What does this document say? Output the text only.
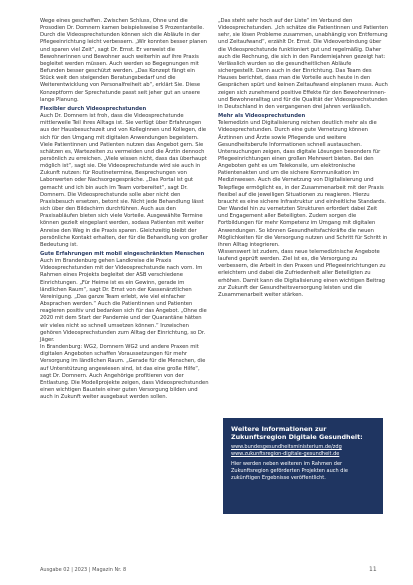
Wege eines geschaffen. Zwischen Schluss, Ohne und die Prosodien Dr. Domnern kamen beispielsweise 5 Prozentanteile. Durch die Videosprechstunden können sich die Abläufe in der Pflegeeinrichtung leicht verbessern. „Wir konnten besser planen und sparen viel Zeit“, sagt Dr. Ernst. Er verweist die Bewohnerinnen und Bewohner auch weiterhin auf ihre Praxis begleitet werden müssen. Auch werden so Begegnungen mit Befunden besser geschützt werden. „Das Konzept fängt ein Stück weit den steigenden Beratungsbedarf und die Weiterentwicklung von Personalfreiheit ab“, erklärt Sie. Diese Konzeptform der Sprechstunde passt seit jeher gut an unsere lange Planung.

Flexibler durch Videosprechstunden

Auch Dr. Domnern ist froh, dass die Videosprechstunde mittlerweile Teil ihres Alltags ist. Sie verfügt über Erfahrungen aus der Hausbesuchszeit und von Kolleginnen und Kollegen, die sich für den Umgang mit digitalen Anwendungen begeistern. Viele Patientinnen und Patienten nutzen das Angebot gern. Sie schätzen es, Wartezeiten zu vermeiden und die Ärztin dennoch persönlich zu erreichen. „Viele wissen nicht, dass das überhaupt möglich ist“, sagt sie. Die Videosprechstunde wird sie auch in Zukunft nutzen: für Routinetermine, Besprechungen von Laborwerten oder Nachsorgegespräche. „Das Portal ist gut gemacht und ich bin auch im Team vorbereitet“, sagt Dr. Domnern. Die Videosprechstunde solle aber nicht den Praxisbesuch ersetzen, betont sie. Nicht jede Behandlung lässt sich über den Bildschirm durchführen. Auch aus den Praxisabläufen bieten sich viele Vorteile. Ausgewählte Termine können gezielt eingeplant werden, sodass Patienten mit weiter Anreise den Weg in die Praxis sparen. Gleichzeitig bleibt der persönliche Kontakt erhalten, der für die Behandlung von großer Bedeutung ist.

Gute Erfahrungen mit mobil eingeschränkten Menschen

Auch im Brandenburg gehen Landkreise die Praxis Videosprechstunden mit der Videosprechstunde nach vorn. Im Rahmen eines Projekts begleitet der ASB verschiedene Einrichtungen. „Für Heime ist es ein Gewinn, gerade im ländlichen Raum“, sagt Dr. Ernst von der Kassenärztlichen Vereinigung. „Das ganze Team erlebt, wie viel einfacher Absprachen werden.“ Auch die Patientinnen und Patienten reagieren positiv und bedanken sich für das Angebot. „Ohne die 2020 mit dem Start der Pandemie und der Quarantäne hätten wir vieles nicht so schnell umsetzen können.“ Inzwischen gehören Videosprechstunden zum Alltag der Einrichtung, so Dr. Jäger.

In Brandenburg: WG2, Domnern WG2 und andere Praxen mit digitalen Angeboten schaffen Voraussetzungen für mehr Versorgung im ländlichen Raum. „Gerade für die Menschen, die auf Unterstützung angewiesen sind, ist das eine große Hilfe“, sagt Dr. Domnern. Auch Angehörige profitieren von der Entlastung. Die Modellprojekte zeigen, dass Videosprechstunden einen wichtigen Baustein einer guten Versorgung bilden und auch in Zukunft weiter ausgebaut werden sollen.

„Das steht sehr hoch auf der Liste“ im Verbund den Videosprechstunden. „Ich schätze die Patientinnen und Patienten sehr, sie lösen Probleme zusammen, unabhängig von Entfernung und Zeitaufwand“, erzählt Dr. Ernst. Die Videoverbindung über die Videosprechstunde funktioniert gut und regelmäßig. Daher auch die Rechnung, die sich in den Pandemiejahren gezeigt hat: Verlässlich wurden so die gesundheitlichen Abläufe sichergestellt. Dann auch in der Einrichtung. Das Team des Hauses berichtet, dass man die Vorteile auch heute in den Gesprächen spürt und keinen Zeitaufwand einplanen muss. Auch zeigen sich zunehmend positive Effekte für den Bewohnerinnen- und Bewohneralltag und für die Qualität der Videosprechstunden in Deutschland in den vergangenen drei Jahren verlässlich.

Mehr als Videosprechstunden

Telemedizin und Digitalisierung reichen deutlich mehr als die Videosprechstunden. Durch eine gute Vernetzung können Ärztinnen und Ärzte sowie Pflegende und weitere Gesundheitsberufe Informationen schnell austauschen. Untersuchungen zeigen, dass digitale Lösungen besonders für Pflegeeinrichtungen einen großen Mehrwert bieten. Bei den Angeboten geht es um Telekonsile, um elektronische Patientenakten und um die sichere Kommunikation im Medizinwesen. Auch die Vernetzung von Digitalisierung und Telepflege ermöglicht es, in der Zusammenarbeit mit der Praxis flexibel auf die jeweiligen Situationen zu reagieren. Hierzu braucht es eine sichere Infrastruktur und einheitliche Standards. Der Wandel hin zu vernetzten Strukturen erfordert dabei Zeit und Engagement aller Beteiligten. Zudem sorgen die Fortbildungen für mehr Kompetenz im Umgang mit digitalen Anwendungen. So können Gesundheitsfachkräfte die neuen Möglichkeiten für die Versorgung nutzen und Schritt für Schritt in ihren Alltag integrieren.

Wissenswert ist zudem, dass neue telemedizinische Angebote laufend geprüft werden. Ziel ist es, die Versorgung zu verbessern, die Arbeit in den Praxen und Pflegeeinrichtungen zu erleichtern und dabei die Zufriedenheit aller Beteiligten zu erhöhen. Damit kann die Digitalisierung einen wichtigen Beitrag zur Zukunft der Gesundheitsversorgung leisten und die Zusammenarbeit weiter stärken.

Weitere Informationen zur Zukunftsregion Digitale Gesundheit:
www.bundesgesundheitsministerium.de/zdg
www.zukunftsregion-digitale-gesundheit.de
Hier werden neben weiteren im Rahmen der Zukunftsregion geförderten Projekten auch die zukünftigen Ergebnisse veröffentlicht.
Ausgabe 02 | 2023 | Magazin Nr. 8	11
